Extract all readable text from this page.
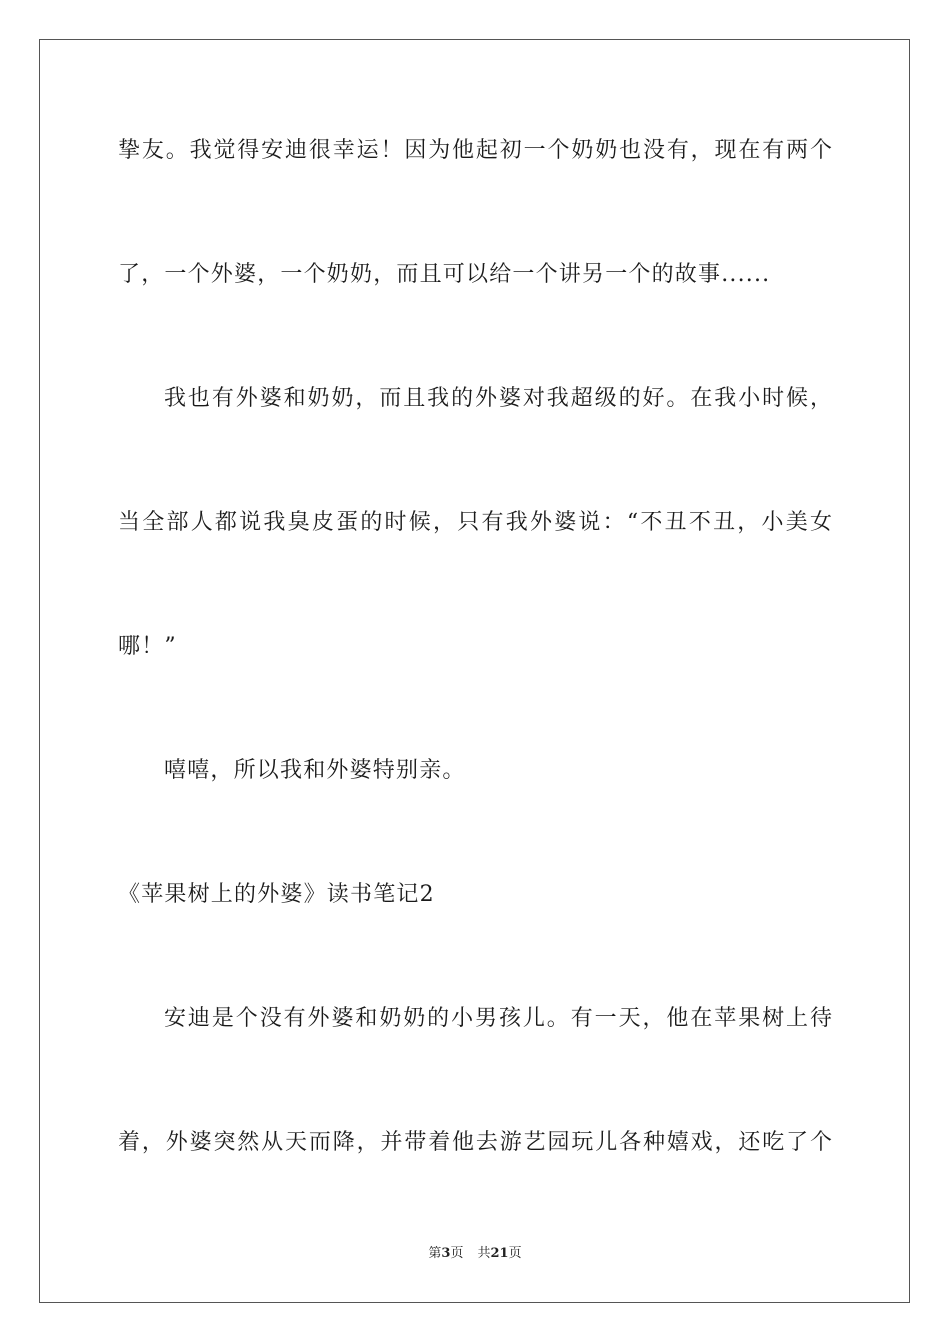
挚友。我觉得安迪很幸运！因为他起初一个奶奶也没有，现在有两个
了，一个外婆，一个奶奶，而且可以给一个讲另一个的故事......
我也有外婆和奶奶，而且我的外婆对我超级的好。在我小时候，
当全部人都说我臭皮蛋的时候，只有我外婆说：“不丑不丑，小美女
哪！”
嘻嘻，所以我和外婆特别亲。
《苹果树上的外婆》读书笔记2
安迪是个没有外婆和奶奶的小男孩儿。有一天，他在苹果树上待
着，外婆突然从天而降，并带着他去游艺园玩儿各种嬉戏，还吃了个
第3页 共21页
